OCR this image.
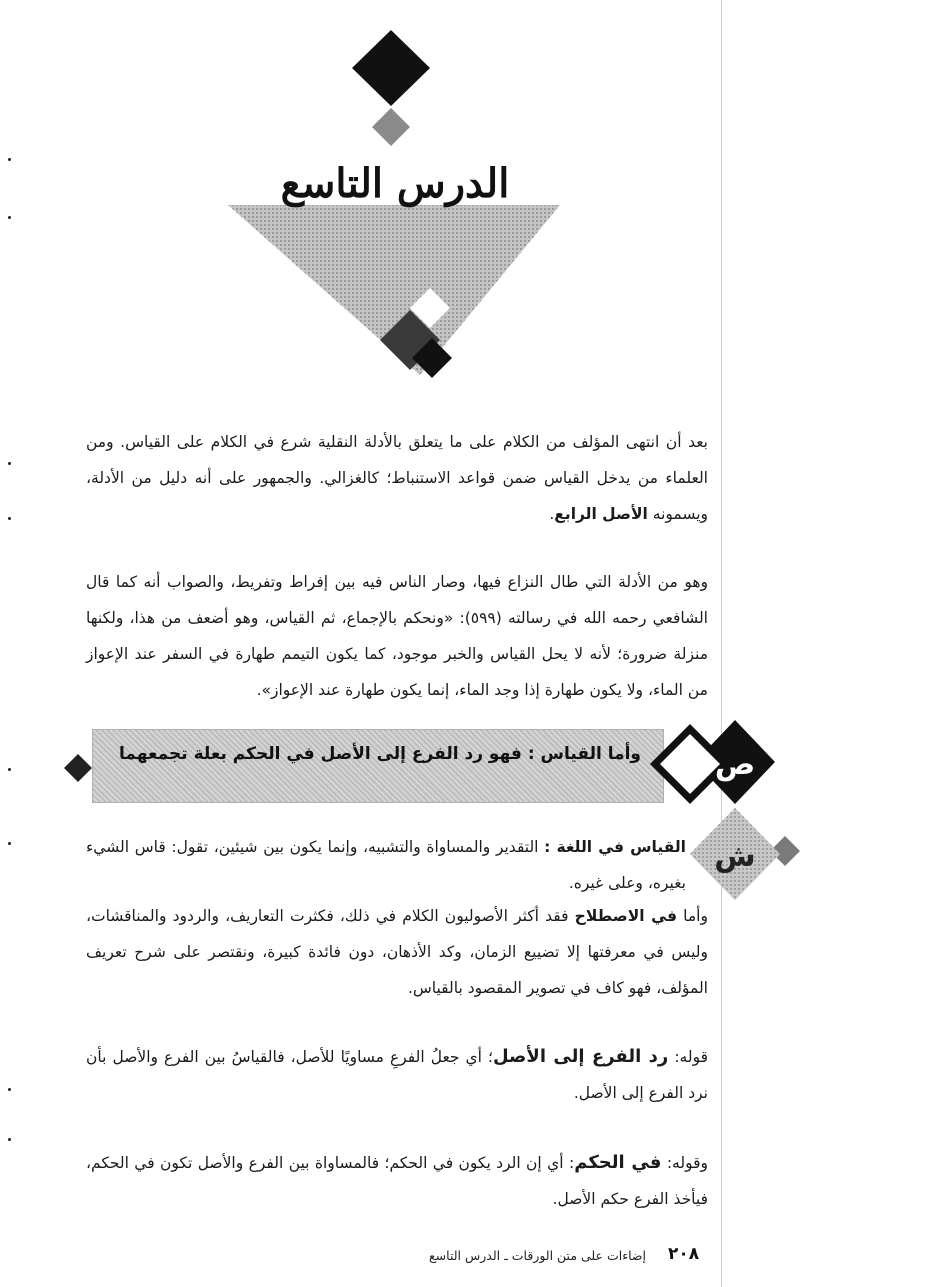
الدرس التاسع
بعد أن انتهى المؤلف من الكلام على ما يتعلق بالأدلة النقلية شرع في الكلام على القياس. ومن العلماء من يدخل القياس ضمن قواعد الاستنباط؛ كالغزالي. والجمهور على أنه دليل من الأدلة، ويسمونه الأصل الرابع.
وهو من الأدلة التي طال النزاع فيها، وصار الناس فيه بين إفراط وتفريط، والصواب أنه كما قال الشافعي رحمه الله في رسالته (٥٩٩): «ونحكم بالإجماع، ثم القياس، وهو أضعف من هذا، ولكنها منزلة ضرورة؛ لأنه لا يحل القياس والخبر موجود، كما يكون التيمم طهارة في السفر عند الإعواز من الماء، ولا يكون طهارة إذا وجد الماء، إنما يكون طهارة عند الإعواز».
وأما القياس : فهو رد الفرع إلى الأصل في الحكم بعلة تجمعهما ص
ش
القياس في اللغة : التقدير والمساواة والتشبيه، وإنما يكون بين شيئين، تقول: قاس الشيء بغيره، وعلى غيره.
وأما في الاصطلاح فقد أكثر الأصوليون الكلام في ذلك، فكثرت التعاريف، والردود والمناقشات، وليس في معرفتها إلا تضييع الزمان، وكد الأذهان، دون فائدة كبيرة، ونقتصر على شرح تعريف المؤلف، فهو كاف في تصوير المقصود بالقياس.
قوله: رد الفرع إلى الأصل؛ أي جعلُ الفرعِ مساويًا للأصل، فالقياسُ بين الفرع والأصل بأن نرد الفرع إلى الأصل.
وقوله: في الحكم: أي إن الرد يكون في الحكم؛ فالمساواة بين الفرع والأصل تكون في الحكم، فيأخذ الفرع حكم الأصل.
٢٠٨
إضاءات على متن الورقات ـ الدرس التاسع
